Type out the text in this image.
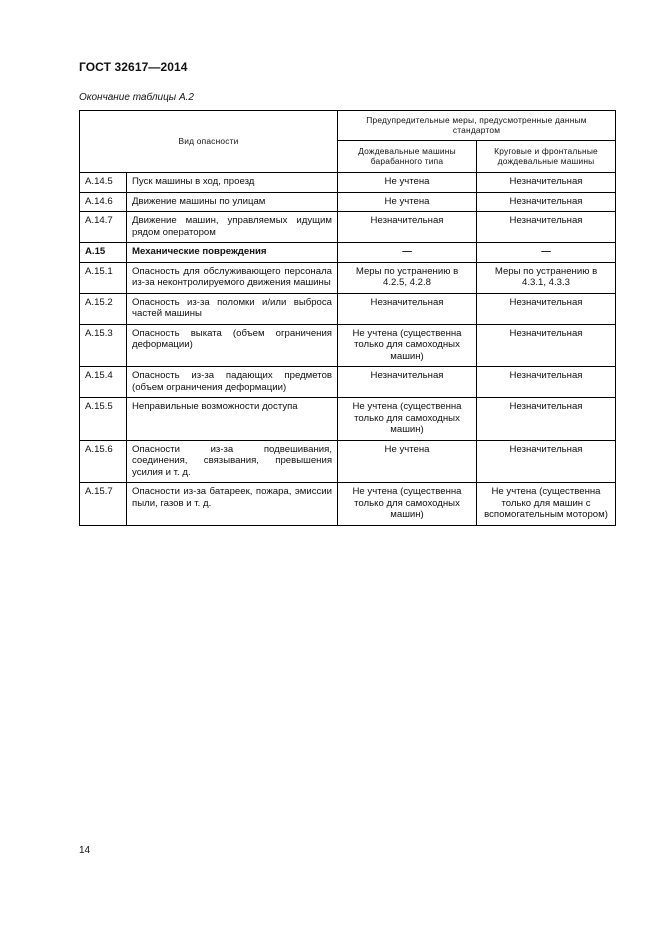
ГОСТ 32617—2014
Окончание таблицы А.2
Вид опасности		Предупредительные меры, предусмотренные данным стандартом	
		Дождевальные машины барабанного типа	Круговые и фронтальные дождевальные машины
А.14.5	Пуск машины в ход, проезд	Не учтена	Незначительная
А.14.6	Движение машины по улицам	Не учтена	Незначительная
А.14.7	Движение машин, управляемых идущим рядом оператором	Незначительная	Незначительная
А.15	Механические повреждения	—	—
А.15.1	Опасность для обслуживающего персонала из-за неконтролируемого движения машины	Меры по устранению в 4.2.5, 4.2.8	Меры по устранению в 4.3.1, 4.3.3
А.15.2	Опасность из-за поломки и/или выброса частей машины	Незначительная	Незначительная
А.15.3	Опасность выката (объем ограничения деформации)	Не учтена (существенна только для самоходных машин)	Незначительная
А.15.4	Опасность из-за падающих предметов (объем ограничения деформации)	Незначительная	Незначительная
А.15.5	Неправильные возможности доступа	Не учтена (существенна только для самоходных машин)	Незначительная
А.15.6	Опасности из-за подвешивания, соединения, связывания, превышения усилия и т. д.	Не учтена	Незначительная
А.15.7	Опасности из-за батареек, пожара, эмиссии пыли, газов и т. д.	Не учтена (существенна только для самоходных машин)	Не учтена (существенна только для машин с вспомогательным мотором)
14
